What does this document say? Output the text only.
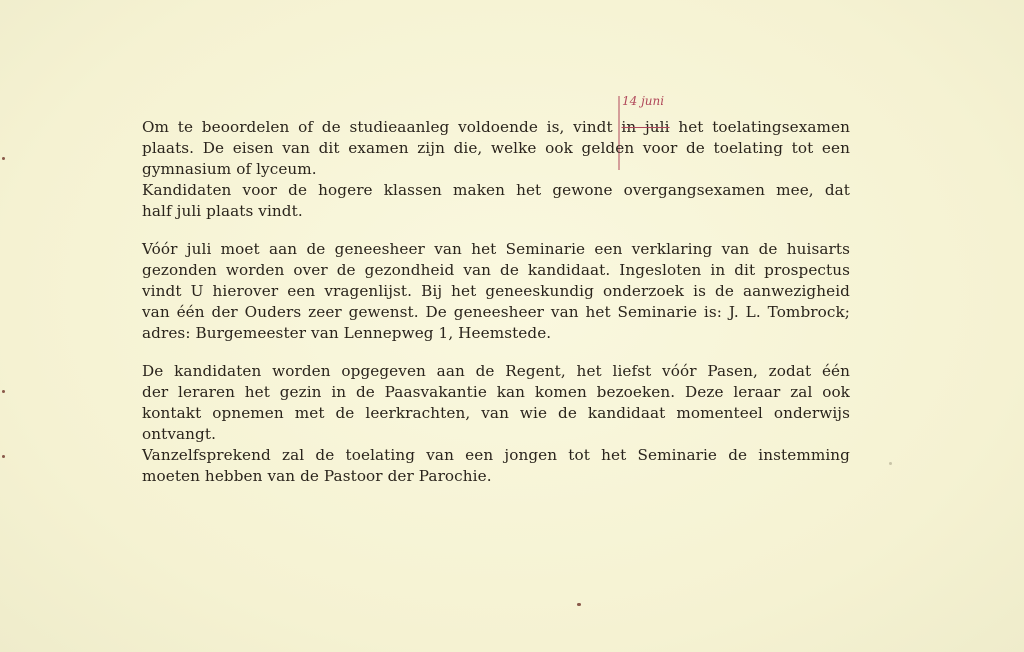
14 juni
Om te beoordelen of de studieaanleg voldoende is, vindt in juli het toelatingsexamen
plaats. De eisen van dit examen zijn die, welke ook gelden voor de toelating tot een
gymnasium of lyceum.
Kandidaten voor de hogere klassen maken het gewone overgangsexamen mee, dat
half juli plaats vindt.
Vóór juli moet aan de geneesheer van het Seminarie een verklaring van de huisarts
gezonden worden over de gezondheid van de kandidaat. Ingesloten in dit prospectus
vindt U hierover een vragenlijst. Bij het geneeskundig onderzoek is de aanwezigheid
van één der Ouders zeer gewenst. De geneesheer van het Seminarie is: J. L. Tombrock;
adres: Burgemeester van Lennepweg 1, Heemstede.
De kandidaten worden opgegeven aan de Regent, het liefst vóór Pasen, zodat één
der leraren het gezin in de Paasvakantie kan komen bezoeken. Deze leraar zal ook
kontakt opnemen met de leerkrachten, van wie de kandidaat momenteel onderwijs
ontvangt.
Vanzelfsprekend zal de toelating van een jongen tot het Seminarie de instemming
moeten hebben van de Pastoor der Parochie.
